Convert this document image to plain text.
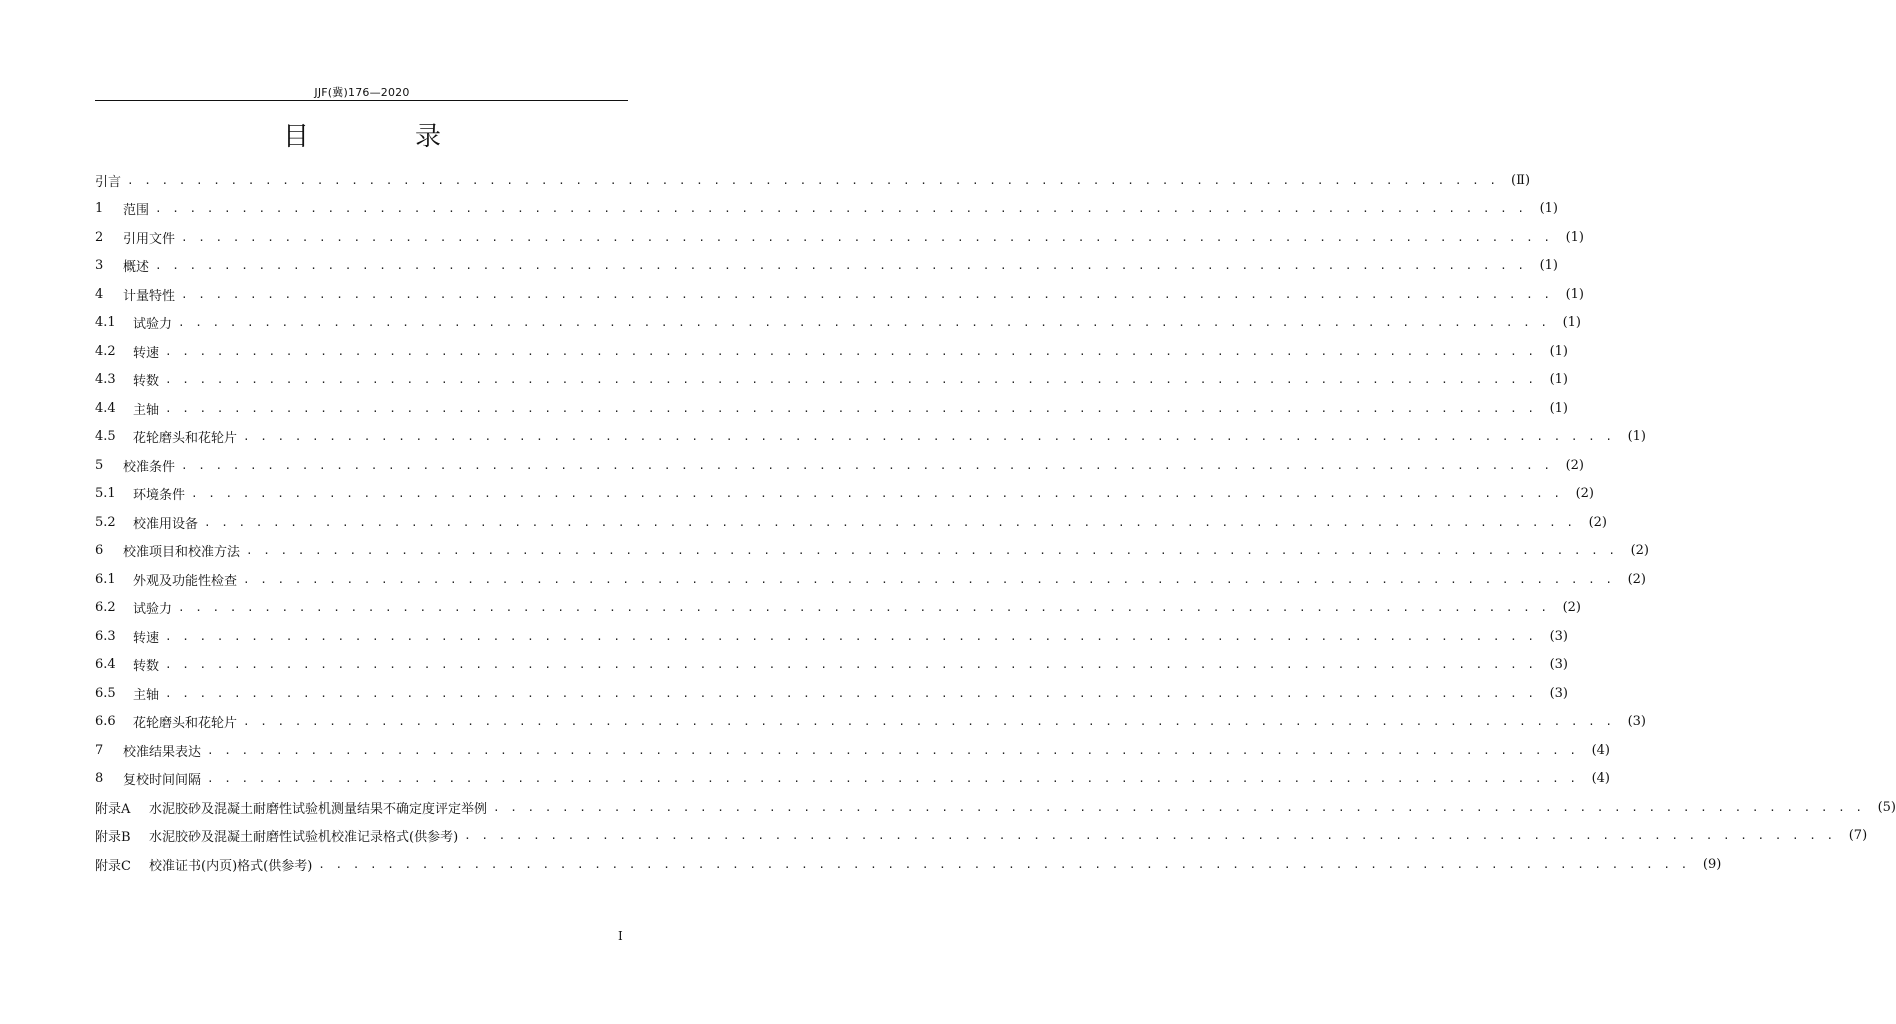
JJF(冀)176—2020
目　录
引言 . . . . . . . . . . . . . . . . . . . . . . . . . . . . . . . . . . . . . . . . . . . . . . . . . . . . . . . . . . . . . . . . . . . . . . . . . . . . . . . .	(Ⅱ)
1	范围 . . . . . . . . . . . . . . . . . . . . . . . . . . . . . . . . . . . . . . . . . . . . . . . . . . . . . . . . . . . . . . . . . . . . . . . . . . . . . . . .	(1)
2	引用文件 . . . . . . . . . . . . . . . . . . . . . . . . . . . . . . . . . . . . . . . . . . . . . . . . . . . . . . . . . . . . . . . . . . . . . . . . . . . . . . . .	(1)
3	概述 . . . . . . . . . . . . . . . . . . . . . . . . . . . . . . . . . . . . . . . . . . . . . . . . . . . . . . . . . . . . . . . . . . . . . . . . . . . . . . . .	(1)
4	计量特性 . . . . . . . . . . . . . . . . . . . . . . . . . . . . . . . . . . . . . . . . . . . . . . . . . . . . . . . . . . . . . . . . . . . . . . . . . . . . . . . .	(1)
4.1	试验力 . . . . . . . . . . . . . . . . . . . . . . . . . . . . . . . . . . . . . . . . . . . . . . . . . . . . . . . . . . . . . . . . . . . . . . . . . . . . . . . .	(1)
4.2	转速 . . . . . . . . . . . . . . . . . . . . . . . . . . . . . . . . . . . . . . . . . . . . . . . . . . . . . . . . . . . . . . . . . . . . . . . . . . . . . . . .	(1)
4.3	转数 . . . . . . . . . . . . . . . . . . . . . . . . . . . . . . . . . . . . . . . . . . . . . . . . . . . . . . . . . . . . . . . . . . . . . . . . . . . . . . . .	(1)
4.4	主轴 . . . . . . . . . . . . . . . . . . . . . . . . . . . . . . . . . . . . . . . . . . . . . . . . . . . . . . . . . . . . . . . . . . . . . . . . . . . . . . . .	(1)
4.5	花轮磨头和花轮片 . . . . . . . . . . . . . . . . . . . . . . . . . . . . . . . . . . . . . . . . . . . . . . . . . . . . . . . . . . . . . . . . . . . . . . . . . . . . . . . .	(1)
5	校准条件 . . . . . . . . . . . . . . . . . . . . . . . . . . . . . . . . . . . . . . . . . . . . . . . . . . . . . . . . . . . . . . . . . . . . . . . . . . . . . . . .	(2)
5.1	环境条件 . . . . . . . . . . . . . . . . . . . . . . . . . . . . . . . . . . . . . . . . . . . . . . . . . . . . . . . . . . . . . . . . . . . . . . . . . . . . . . . .	(2)
5.2	校准用设备 . . . . . . . . . . . . . . . . . . . . . . . . . . . . . . . . . . . . . . . . . . . . . . . . . . . . . . . . . . . . . . . . . . . . . . . . . . . . . . . .	(2)
6	校准项目和校准方法 . . . . . . . . . . . . . . . . . . . . . . . . . . . . . . . . . . . . . . . . . . . . . . . . . . . . . . . . . . . . . . . . . . . . . . . . . . . . . . . .	(2)
6.1	外观及功能性检查 . . . . . . . . . . . . . . . . . . . . . . . . . . . . . . . . . . . . . . . . . . . . . . . . . . . . . . . . . . . . . . . . . . . . . . . . . . . . . . . .	(2)
6.2	试验力 . . . . . . . . . . . . . . . . . . . . . . . . . . . . . . . . . . . . . . . . . . . . . . . . . . . . . . . . . . . . . . . . . . . . . . . . . . . . . . . .	(2)
6.3	转速 . . . . . . . . . . . . . . . . . . . . . . . . . . . . . . . . . . . . . . . . . . . . . . . . . . . . . . . . . . . . . . . . . . . . . . . . . . . . . . . .	(3)
6.4	转数 . . . . . . . . . . . . . . . . . . . . . . . . . . . . . . . . . . . . . . . . . . . . . . . . . . . . . . . . . . . . . . . . . . . . . . . . . . . . . . . .	(3)
6.5	主轴 . . . . . . . . . . . . . . . . . . . . . . . . . . . . . . . . . . . . . . . . . . . . . . . . . . . . . . . . . . . . . . . . . . . . . . . . . . . . . . . .	(3)
6.6	花轮磨头和花轮片 . . . . . . . . . . . . . . . . . . . . . . . . . . . . . . . . . . . . . . . . . . . . . . . . . . . . . . . . . . . . . . . . . . . . . . . . . . . . . . . .	(3)
7	校准结果表达 . . . . . . . . . . . . . . . . . . . . . . . . . . . . . . . . . . . . . . . . . . . . . . . . . . . . . . . . . . . . . . . . . . . . . . . . . . . . . . . .	(4)
8	复校时间间隔 . . . . . . . . . . . . . . . . . . . . . . . . . . . . . . . . . . . . . . . . . . . . . . . . . . . . . . . . . . . . . . . . . . . . . . . . . . . . . . . .	(4)
附录A	水泥胶砂及混凝土耐磨性试验机测量结果不确定度评定举例 . . . . . . . . . . . . . . . . . . . . . . . . . . . . . . . . . . . . . . . . . . . . . . . . . . . . . . . . . . . . . . . . . . . . . . . . . . . . . . . .	(5)
附录B	水泥胶砂及混凝土耐磨性试验机校准记录格式(供参考) . . . . . . . . . . . . . . . . . . . . . . . . . . . . . . . . . . . . . . . . . . . . . . . . . . . . . . . . . . . . . . . . . . . . . . . . . . . . . . . .	(7)
附录C	校准证书(内页)格式(供参考) . . . . . . . . . . . . . . . . . . . . . . . . . . . . . . . . . . . . . . . . . . . . . . . . . . . . . . . . . . . . . . . . . . . . . . . . . . . . . . . .	(9)
I
